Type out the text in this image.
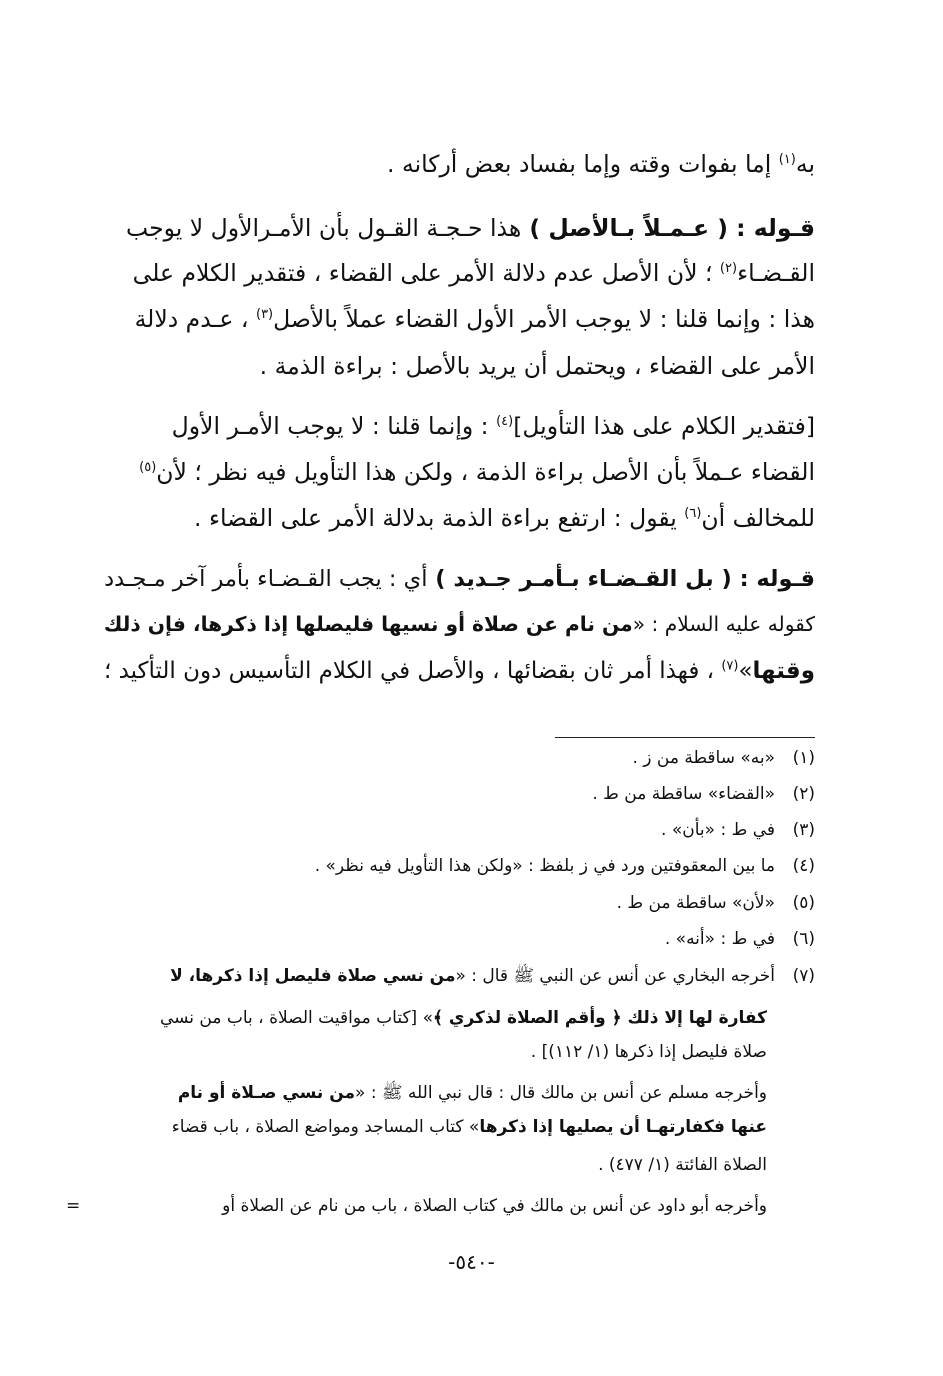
به$^{(١)}$ إما بفوات وقته وإما بفساد بعض أركانه .
قـوله : ( عـمـلاً بـالأصل ) هذا حـجـة القـول بأن الأمـرالأول لا يوجب
القـضـاء$^{(٢)}$ ؛ لأن الأصل عدم دلالة الأمر على القضاء ، فتقدير الكلام على
هذا : وإنما قلنا : لا يوجب الأمر الأول القضاء عملاً بالأصل$^{(٣)}$ ، عـدم دلالة
الأمر على القضاء ، ويحتمل أن يريد بالأصل : براءة الذمة .
[فتقدير الكلام على هذا التأويل]$^{(٤)}$ : وإنما قلنا : لا يوجب الأمـر الأول
القضاء عـملاً بأن الأصل براءة الذمة ، ولكن هذا التأويل فيه نظر ؛ لأن$^{(٥)}$
للمخالف أن$^{(٦)}$ يقول : ارتفع براءة الذمة بدلالة الأمر على القضاء .
قـوله : ( بل القـضـاء بـأمـر جـديد ) أي : يجب القـضـاء بأمر آخر مـجـدد
كقوله عليه السلام : «من نام عن صلاة أو نسيها فليصلها إذا ذكرها، فإن ذلك
وقتها»$^{(٧)}$ ، فهذا أمر ثان بقضائها ، والأصل في الكلام التأسيس دون التأكيد ؛
(١)«به» ساقطة من ز .
(٢)«القضاء» ساقطة من ط .
(٣)في ط : «بأن» .
(٤)ما بين المعقوفتين ورد في ز بلفظ : «ولكن هذا التأويل فيه نظر» .
(٥)«لأن» ساقطة من ط .
(٦)في ط : «أنه» .
(٧)أخرجه البخاري عن أنس عن النبي ﷺ قال : «من نسي صلاة فليصل إذا ذكرها، لا
كفارة لها إلا ذلك ﴿ وأقم الصلاة لذكري ﴾» [كتاب مواقيت الصلاة ، باب من نسي
صلاة فليصل إذا ذكرها (١/ ١١٢)] .
وأخرجه مسلم عن أنس بن مالك قال : قال نبي الله ﷺ : «من نسي صـلاة أو نام
عنها فكفارتهـا أن يصليها إذا ذكرها» كتاب المساجد ومواضع الصلاة ، باب قضاء
الصلاة الفائتة (١/ ٤٧٧) .
وأخرجه أبو داود عن أنس بن مالك في كتاب الصلاة ، باب من نام عن الصلاة أو
=
-٥٤٠-
